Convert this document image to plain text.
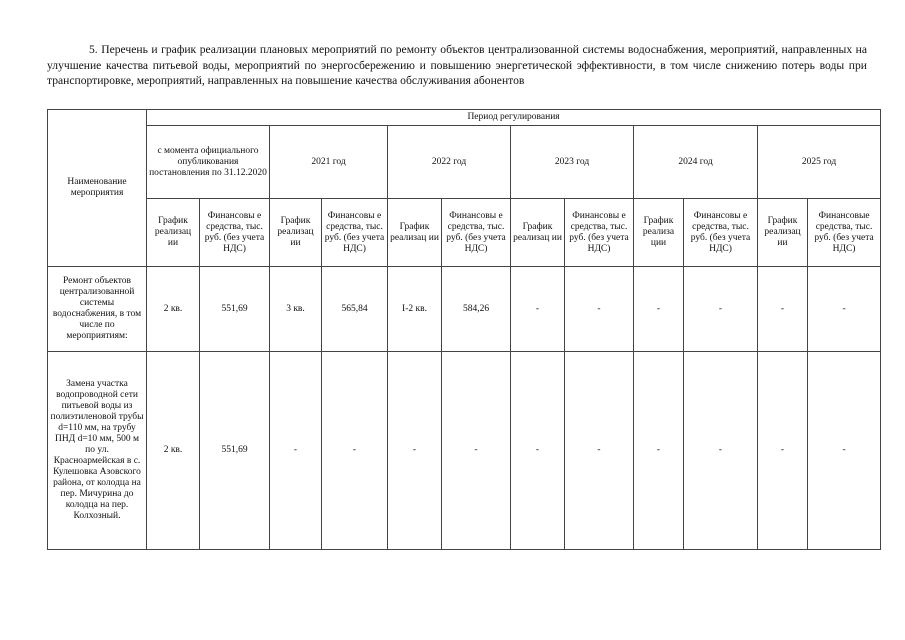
5. Перечень и график реализации плановых мероприятий по ремонту объектов централизованной системы водоснабжения, мероприятий, направленных на улучшение качества питьевой воды, мероприятий по энергосбережению и повышению энергетической эффективности, в том числе снижению потерь воды при транспортировке, мероприятий, направленных на повышение качества обслуживания абонентов
Наименование мероприятия	Период регулирования											
	с момента официального опубликования постановления по 31.12.2020		2021 год		2022 год		2023 год		2024 год		2025 год	
	График реализац ии	Финансовы е средства, тыс. руб. (без учета НДС)	График реализац ии	Финансовы е средства, тыс. руб. (без учета НДС)	График реализац ии	Финансовы е средства, тыс. руб. (без учета НДС)	График реализац ии	Финансовы е средства, тыс. руб. (без учета НДС)	График реализа ции	Финансовы е средства, тыс. руб. (без учета НДС)	График реализац ии	Финансовые средства, тыс. руб. (без учета НДС)
Ремонт объектов централизованной системы водоснабжения, в том числе по мероприятиям:	2 кв.	551,69	3 кв.	565,84	I-2 кв.	584,26	-	-	-	-	-	-
Замена участка водопроводной сети питьевой воды из полиэтиленовой трубы d=110 мм, на трубу ПНД d=10 мм, 500 м по ул. Красноармейская в с. Кулешовка Азовского района, от колодца на пер. Мичурина до колодца на пер. Колхозный.	2 кв.	551,69	-	-	-	-	-	-	-	-	-	-
